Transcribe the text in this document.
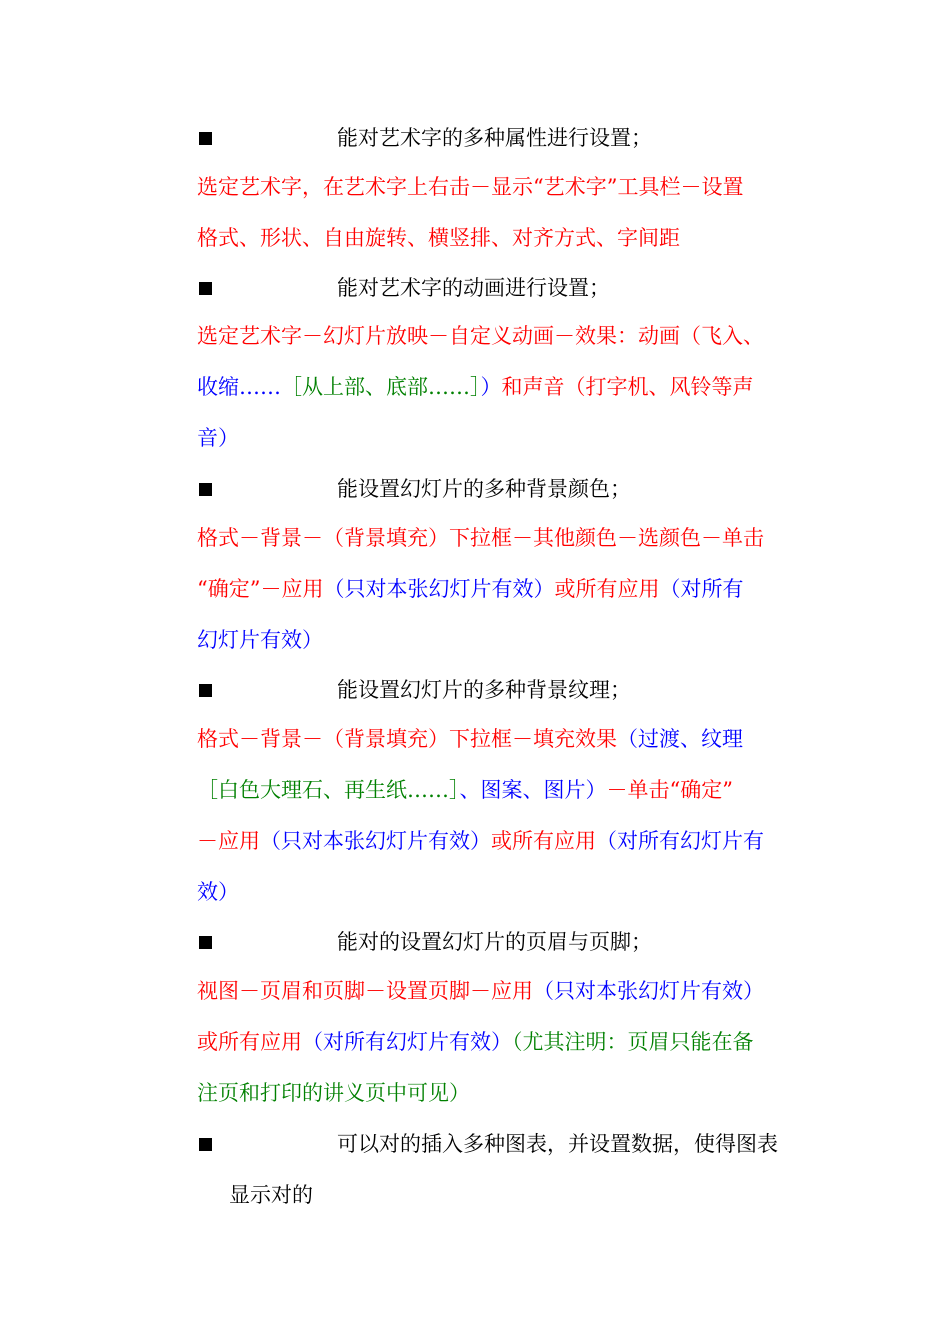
能对艺术字的多种属性进行设置；
选定艺术字，在艺术字上右击－显示“艺术字”工具栏－设置
格式、形状、自由旋转、横竖排、对齐方式、字间距
能对艺术字的动画进行设置；
选定艺术字－幻灯片放映－自定义动画－效果：动画（飞入、
收缩……［从上部、底部……］）和声音（打字机、风铃等声
音）
能设置幻灯片的多种背景颜色；
格式－背景－（背景填充）下拉框－其他颜色－选颜色－单击
“确定”－应用（只对本张幻灯片有效）或所有应用（对所有
幻灯片有效）
能设置幻灯片的多种背景纹理；
格式－背景－（背景填充）下拉框－填充效果（过渡、纹理
［白色大理石、再生纸……］、图案、图片）－单击“确定”
－应用（只对本张幻灯片有效）或所有应用（对所有幻灯片有
效）
能对的设置幻灯片的页眉与页脚；
视图－页眉和页脚－设置页脚－应用（只对本张幻灯片有效）
或所有应用（对所有幻灯片有效）（尤其注明：页眉只能在备
注页和打印的讲义页中可见）
可以对的插入多种图表，并设置数据，使得图表
显示对的
